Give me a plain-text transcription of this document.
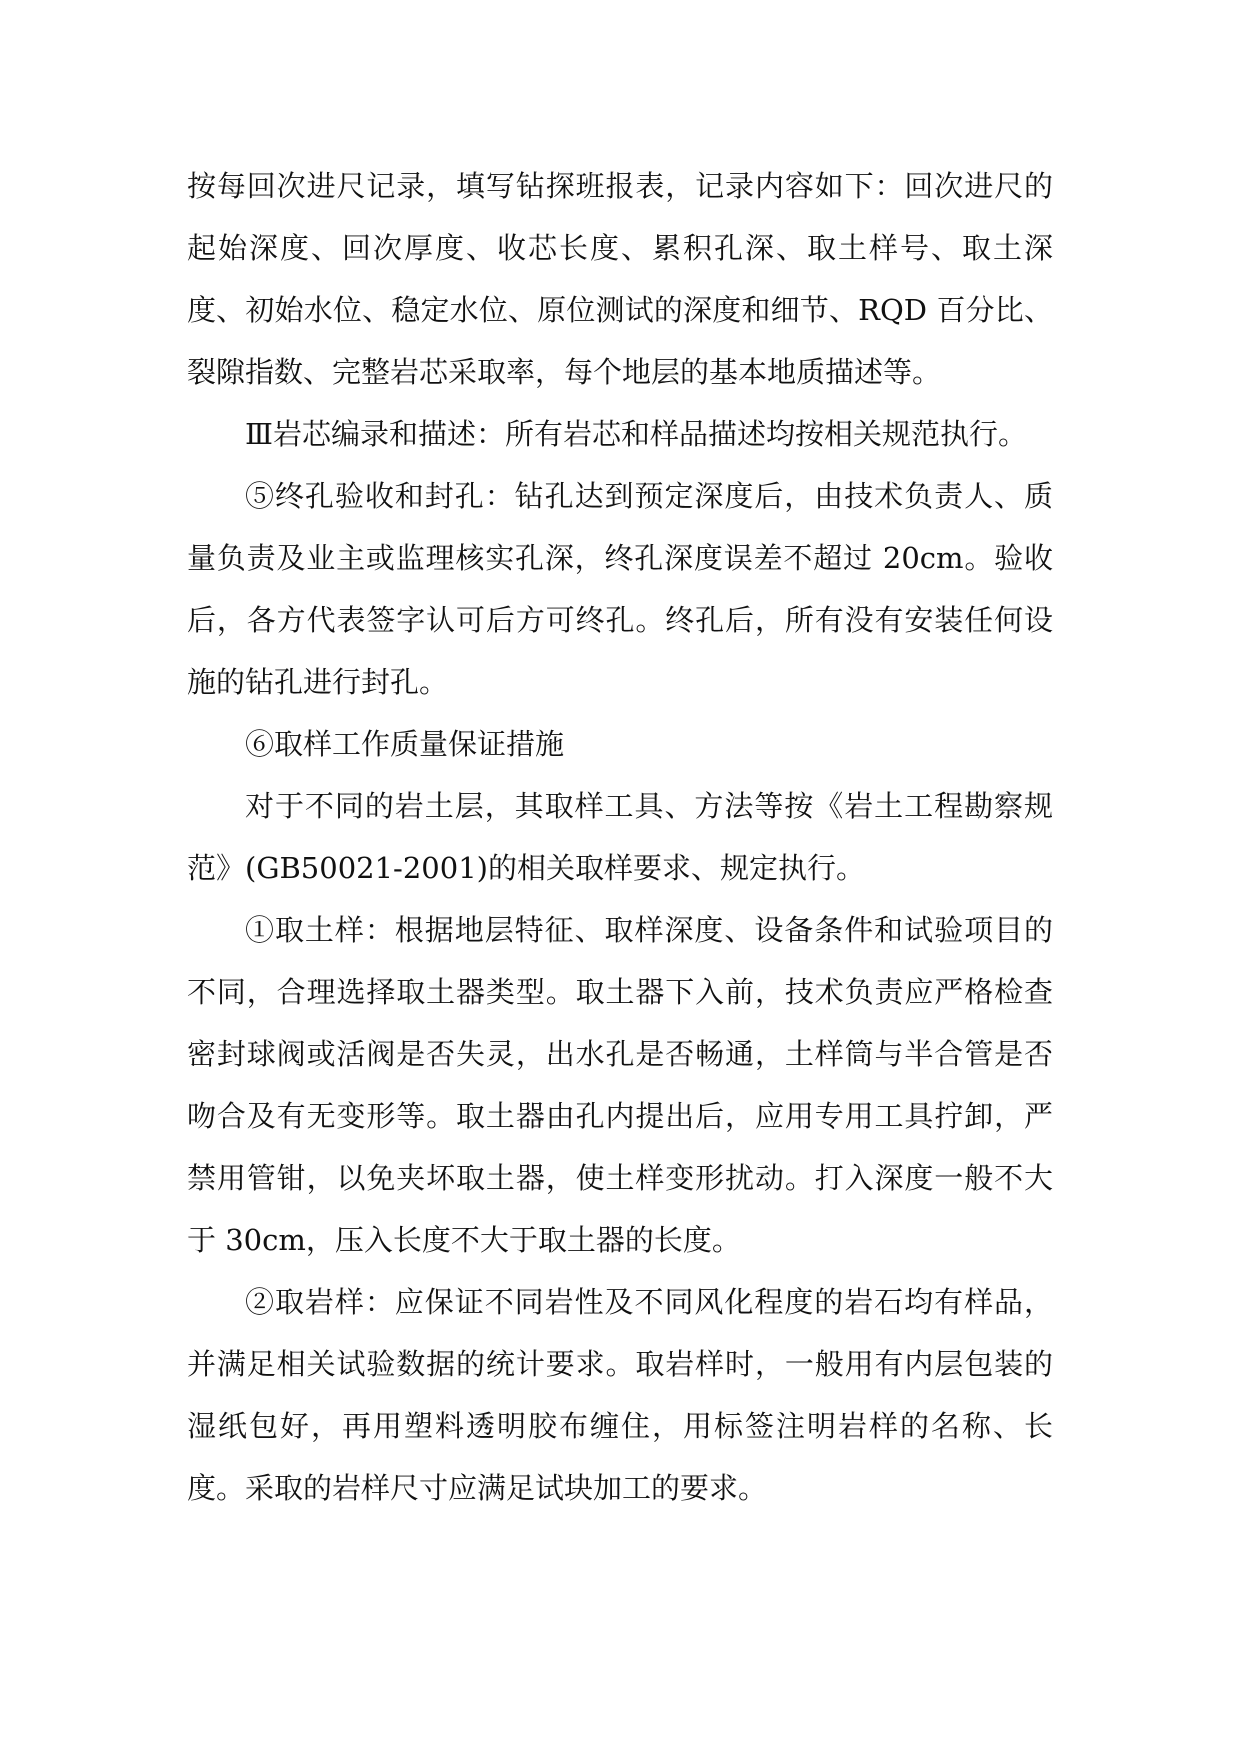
按每回次进尺记录，填写钻探班报表，记录内容如下：回次进尺的起始深度、回次厚度、收芯长度、累积孔深、取土样号、取土深度、初始水位、稳定水位、原位测试的深度和细节、RQD 百分比、裂隙指数、完整岩芯采取率，每个地层的基本地质描述等。

Ⅲ岩芯编录和描述：所有岩芯和样品描述均按相关规范执行。

⑤终孔验收和封孔：钻孔达到预定深度后，由技术负责人、质量负责及业主或监理核实孔深，终孔深度误差不超过 20cm。验收后，各方代表签字认可后方可终孔。终孔后，所有没有安装任何设施的钻孔进行封孔。

⑥取样工作质量保证措施

对于不同的岩土层，其取样工具、方法等按《岩土工程勘察规范》(GB50021-2001)的相关取样要求、规定执行。

①取土样：根据地层特征、取样深度、设备条件和试验项目的不同，合理选择取土器类型。取土器下入前，技术负责应严格检查密封球阀或活阀是否失灵，出水孔是否畅通，土样筒与半合管是否吻合及有无变形等。取土器由孔内提出后，应用专用工具拧卸，严禁用管钳，以免夹坏取土器，使土样变形扰动。打入深度一般不大于 30cm，压入长度不大于取土器的长度。

②取岩样：应保证不同岩性及不同风化程度的岩石均有样品，并满足相关试验数据的统计要求。取岩样时，一般用有内层包装的湿纸包好，再用塑料透明胶布缠住，用标签注明岩样的名称、长度。采取的岩样尺寸应满足试块加工的要求。
